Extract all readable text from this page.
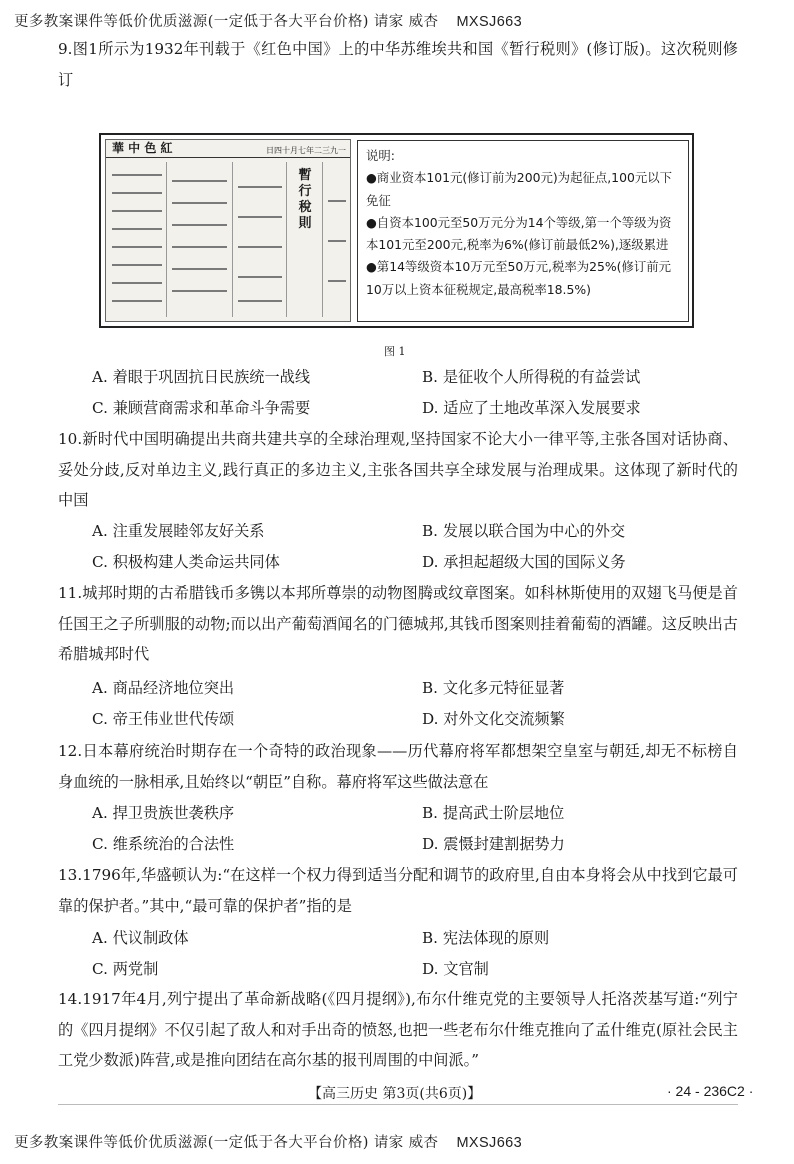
更多教案课件等低价优质滋源(一定低于各大平台价格) 请家 威杏 MXSJ663

9.图1所示为1932年刊载于《红色中国》上的中华苏维埃共和国《暂行税则》(修订版)。这次税则修订

華 中 色 紅	日四十月七年二三九一
暫行稅則
说明:
●商业资本101元(修订前为200元)为起征点,100元以下免征
●自资本100元至50万元分为14个等级,第一个等级为资本101元至200元,税率为6%(修订前最低2%),逐级累进
●第14等级资本10万元至50万元,税率为25%(修订前元10万以上资本征税规定,最高税率18.5%)
图 1
A. 着眼于巩固抗日民族统一战线	B. 是征收个人所得税的有益尝试
C. 兼顾营商需求和革命斗争需要	D. 适应了土地改革深入发展要求

10.新时代中国明确提出共商共建共享的全球治理观,坚持国家不论大小一律平等,主张各国对话协商、妥处分歧,反对单边主义,践行真正的多边主义,主张各国共享全球发展与治理成果。这体现了新时代的中国

A. 注重发展睦邻友好关系	B. 发展以联合国为中心的外交
C. 积极构建人类命运共同体	D. 承担起超级大国的国际义务

11.城邦时期的古希腊钱币多镌以本邦所尊崇的动物图腾或纹章图案。如科林斯使用的双翅飞马便是首任国王之子所驯服的动物;而以出产葡萄酒闻名的门德城邦,其钱币图案则挂着葡萄的酒罐。这反映出古希腊城邦时代

A. 商品经济地位突出	B. 文化多元特征显著
C. 帝王伟业世代传颂	D. 对外文化交流频繁

12.日本幕府统治时期存在一个奇特的政治现象——历代幕府将军都想架空皇室与朝廷,却无不标榜自身血统的一脉相承,且始终以“朝臣”自称。幕府将军这些做法意在

A. 捍卫贵族世袭秩序	B. 提高武士阶层地位
C. 维系统治的合法性	D. 震慑封建割据势力

13.1796年,华盛顿认为:“在这样一个权力得到适当分配和调节的政府里,自由本身将会从中找到它最可靠的保护者。”其中,“最可靠的保护者”指的是

A. 代议制政体	B. 宪法体现的原则
C. 两党制	D. 文官制

14.1917年4月,列宁提出了革命新战略(《四月提纲》),布尔什维克党的主要领导人托洛茨基写道:“列宁的《四月提纲》不仅引起了敌人和对手出奇的愤怒,也把一些老布尔什维克推向了孟什维克(原社会民主工党少数派)阵营,或是推向团结在高尔基的报刊周围的中间派。”

【高三历史 第3页(共6页)】	· 24 - 236C2 ·
更多教案课件等低价优质滋源(一定低于各大平台价格) 请家 威杏 MXSJ663
